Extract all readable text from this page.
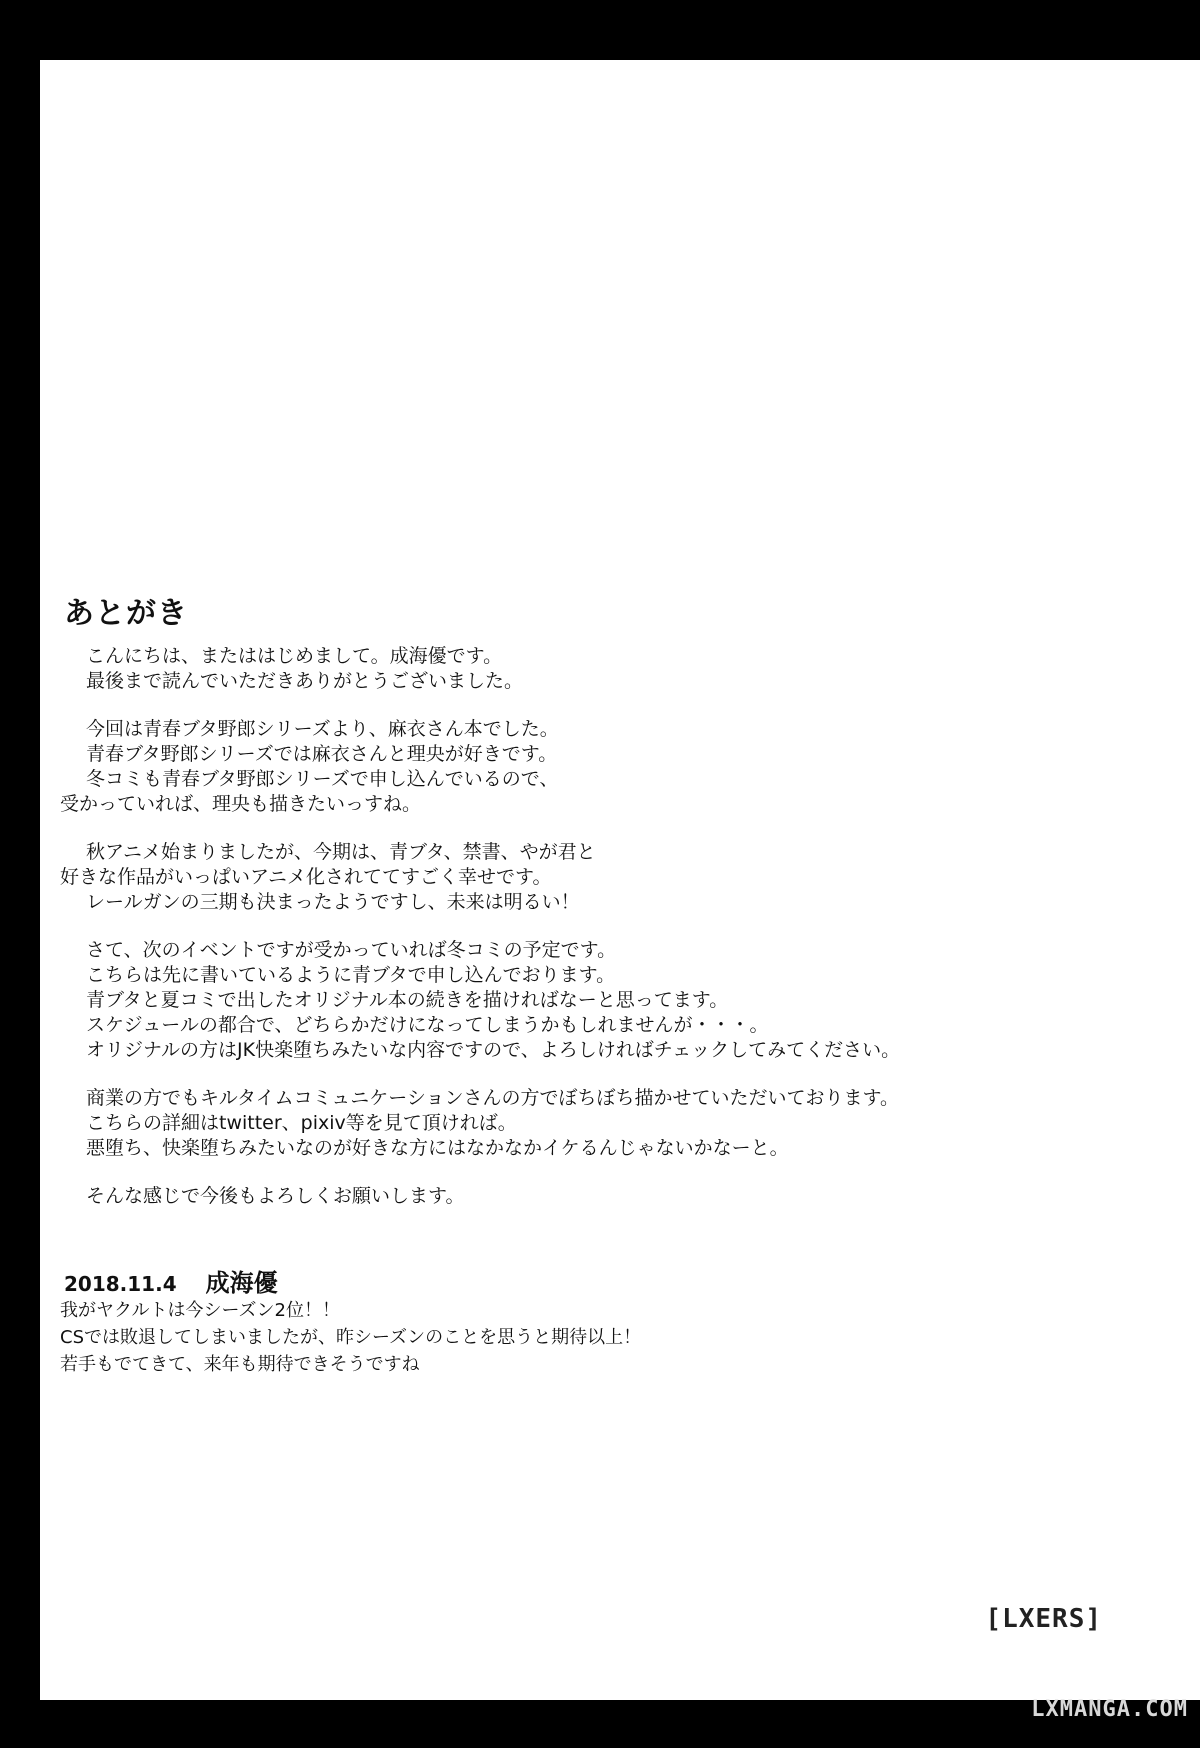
あとがき
こんにちは、またははじめまして。成海優です。
最後まで読んでいただきありがとうございました。
今回は青春ブタ野郎シリーズより、麻衣さん本でした。
青春ブタ野郎シリーズでは麻衣さんと理央が好きです。
冬コミも青春ブタ野郎シリーズで申し込んでいるので、
受かっていれば、理央も描きたいっすね。
秋アニメ始まりましたが、今期は、青ブタ、禁書、やが君と
好きな作品がいっぱいアニメ化されててすごく幸せです。
レールガンの三期も決まったようですし、未来は明るい！
さて、次のイベントですが受かっていれば冬コミの予定です。
こちらは先に書いているように青ブタで申し込んでおります。
青ブタと夏コミで出したオリジナル本の続きを描ければなーと思ってます。
スケジュールの都合で、どちらかだけになってしまうかもしれませんが・・・。
オリジナルの方はJK快楽堕ちみたいな内容ですので、よろしければチェックしてみてください。
商業の方でもキルタイムコミュニケーションさんの方でぼちぼち描かせていただいております。
こちらの詳細はtwitter、pixiv等を見て頂ければ。
悪堕ち、快楽堕ちみたいなのが好きな方にはなかなかイケるんじゃないかなーと。
そんな感じで今後もよろしくお願いします。
2018.11.4 成海優
我がヤクルトは今シーズン2位！！
CSでは敗退してしまいましたが、昨シーズンのことを思うと期待以上！
若手もでてきて、来年も期待できそうですね
[LXERS]
LXMANGA.COM
